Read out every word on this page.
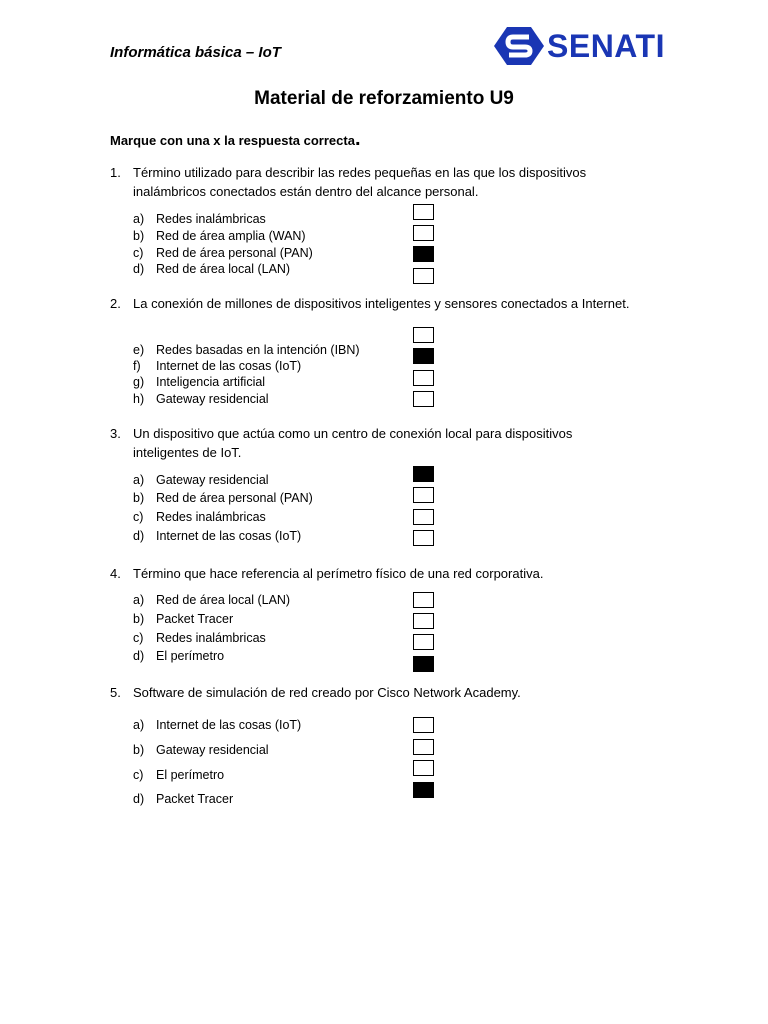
Informática básica – IoT	SENATI
Material de reforzamiento U9
Marque con una x la respuesta correcta.
1. Término utilizado para describir las redes pequeñas en las que los dispositivos inalámbricos conectados están dentro del alcance personal.
a) Redes inalámbricas
b) Red de área amplia (WAN)
c) Red de área personal (PAN)
d) Red de área local (LAN)
2. La conexión de millones de dispositivos inteligentes y sensores conectados a Internet.
e) Redes basadas en la intención (IBN)
f) Internet de las cosas (IoT)
g) Inteligencia artificial
h) Gateway residencial
3. Un dispositivo que actúa como un centro de conexión local para dispositivos inteligentes de IoT.
a) Gateway residencial
b) Red de área personal (PAN)
c) Redes inalámbricas
d) Internet de las cosas (IoT)
4. Término que hace referencia al perímetro físico de una red corporativa.
a) Red de área local (LAN)
b) Packet Tracer
c) Redes inalámbricas
d) El perímetro
5. Software de simulación de red creado por Cisco Network Academy.
a) Internet de las cosas (IoT)
b) Gateway residencial
c) El perímetro
d) Packet Tracer
